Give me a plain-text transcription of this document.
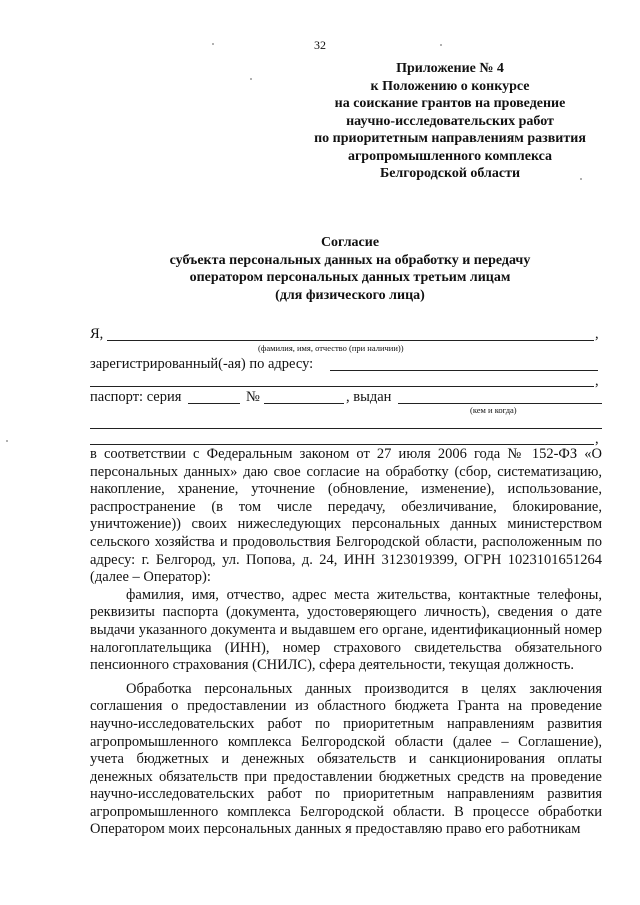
32
Приложение № 4
к Положению о конкурсе
на соискание грантов на проведение
научно-исследовательских работ
по приоритетным направлениям развития
агропромышленного комплекса
Белгородской области
Согласие
субъекта персональных данных на обработку и передачу
оператором персональных данных третьим лицам
(для физического лица)
Я,	,
(фамилия, имя, отчество (при наличии))
зарегистрированный(-ая) по адресу:
,
паспорт: серия	№	, выдан
(кем и когда)
,

в соответствии с Федеральным законом от 27 июля 2006 года № 152-ФЗ «О персональных данных» даю свое согласие на обработку (сбор, систематизацию, накопление, хранение, уточнение (обновление, изменение), использование, распространение (в том числе передачу, обезличивание, блокирование, уничтожение)) своих нижеследующих персональных данных министерством сельского хозяйства и продовольствия Белгородской области, расположенным по адресу: г. Белгород, ул. Попова, д. 24, ИНН 3123019399, ОГРН 1023101651264 (далее – Оператор):

фамилия, имя, отчество, адрес места жительства, контактные телефоны, реквизиты паспорта (документа, удостоверяющего личность), сведения о дате выдачи указанного документа и выдавшем его органе, идентификационный номер налогоплательщика (ИНН), номер страхового свидетельства обязательного пенсионного страхования (СНИЛС), сфера деятельности, текущая должность.

Обработка персональных данных производится в целях заключения соглашения о предоставлении из областного бюджета Гранта на проведение научно-исследовательских работ по приоритетным направлениям развития агропромышленного комплекса Белгородской области (далее – Соглашение), учета бюджетных и денежных обязательств и санкционирования оплаты денежных обязательств при предоставлении бюджетных средств на проведение научно-исследовательских работ по приоритетным направлениям развития агропромышленного комплекса Белгородской области. В процессе обработки Оператором моих персональных данных я предоставляю право его работникам
